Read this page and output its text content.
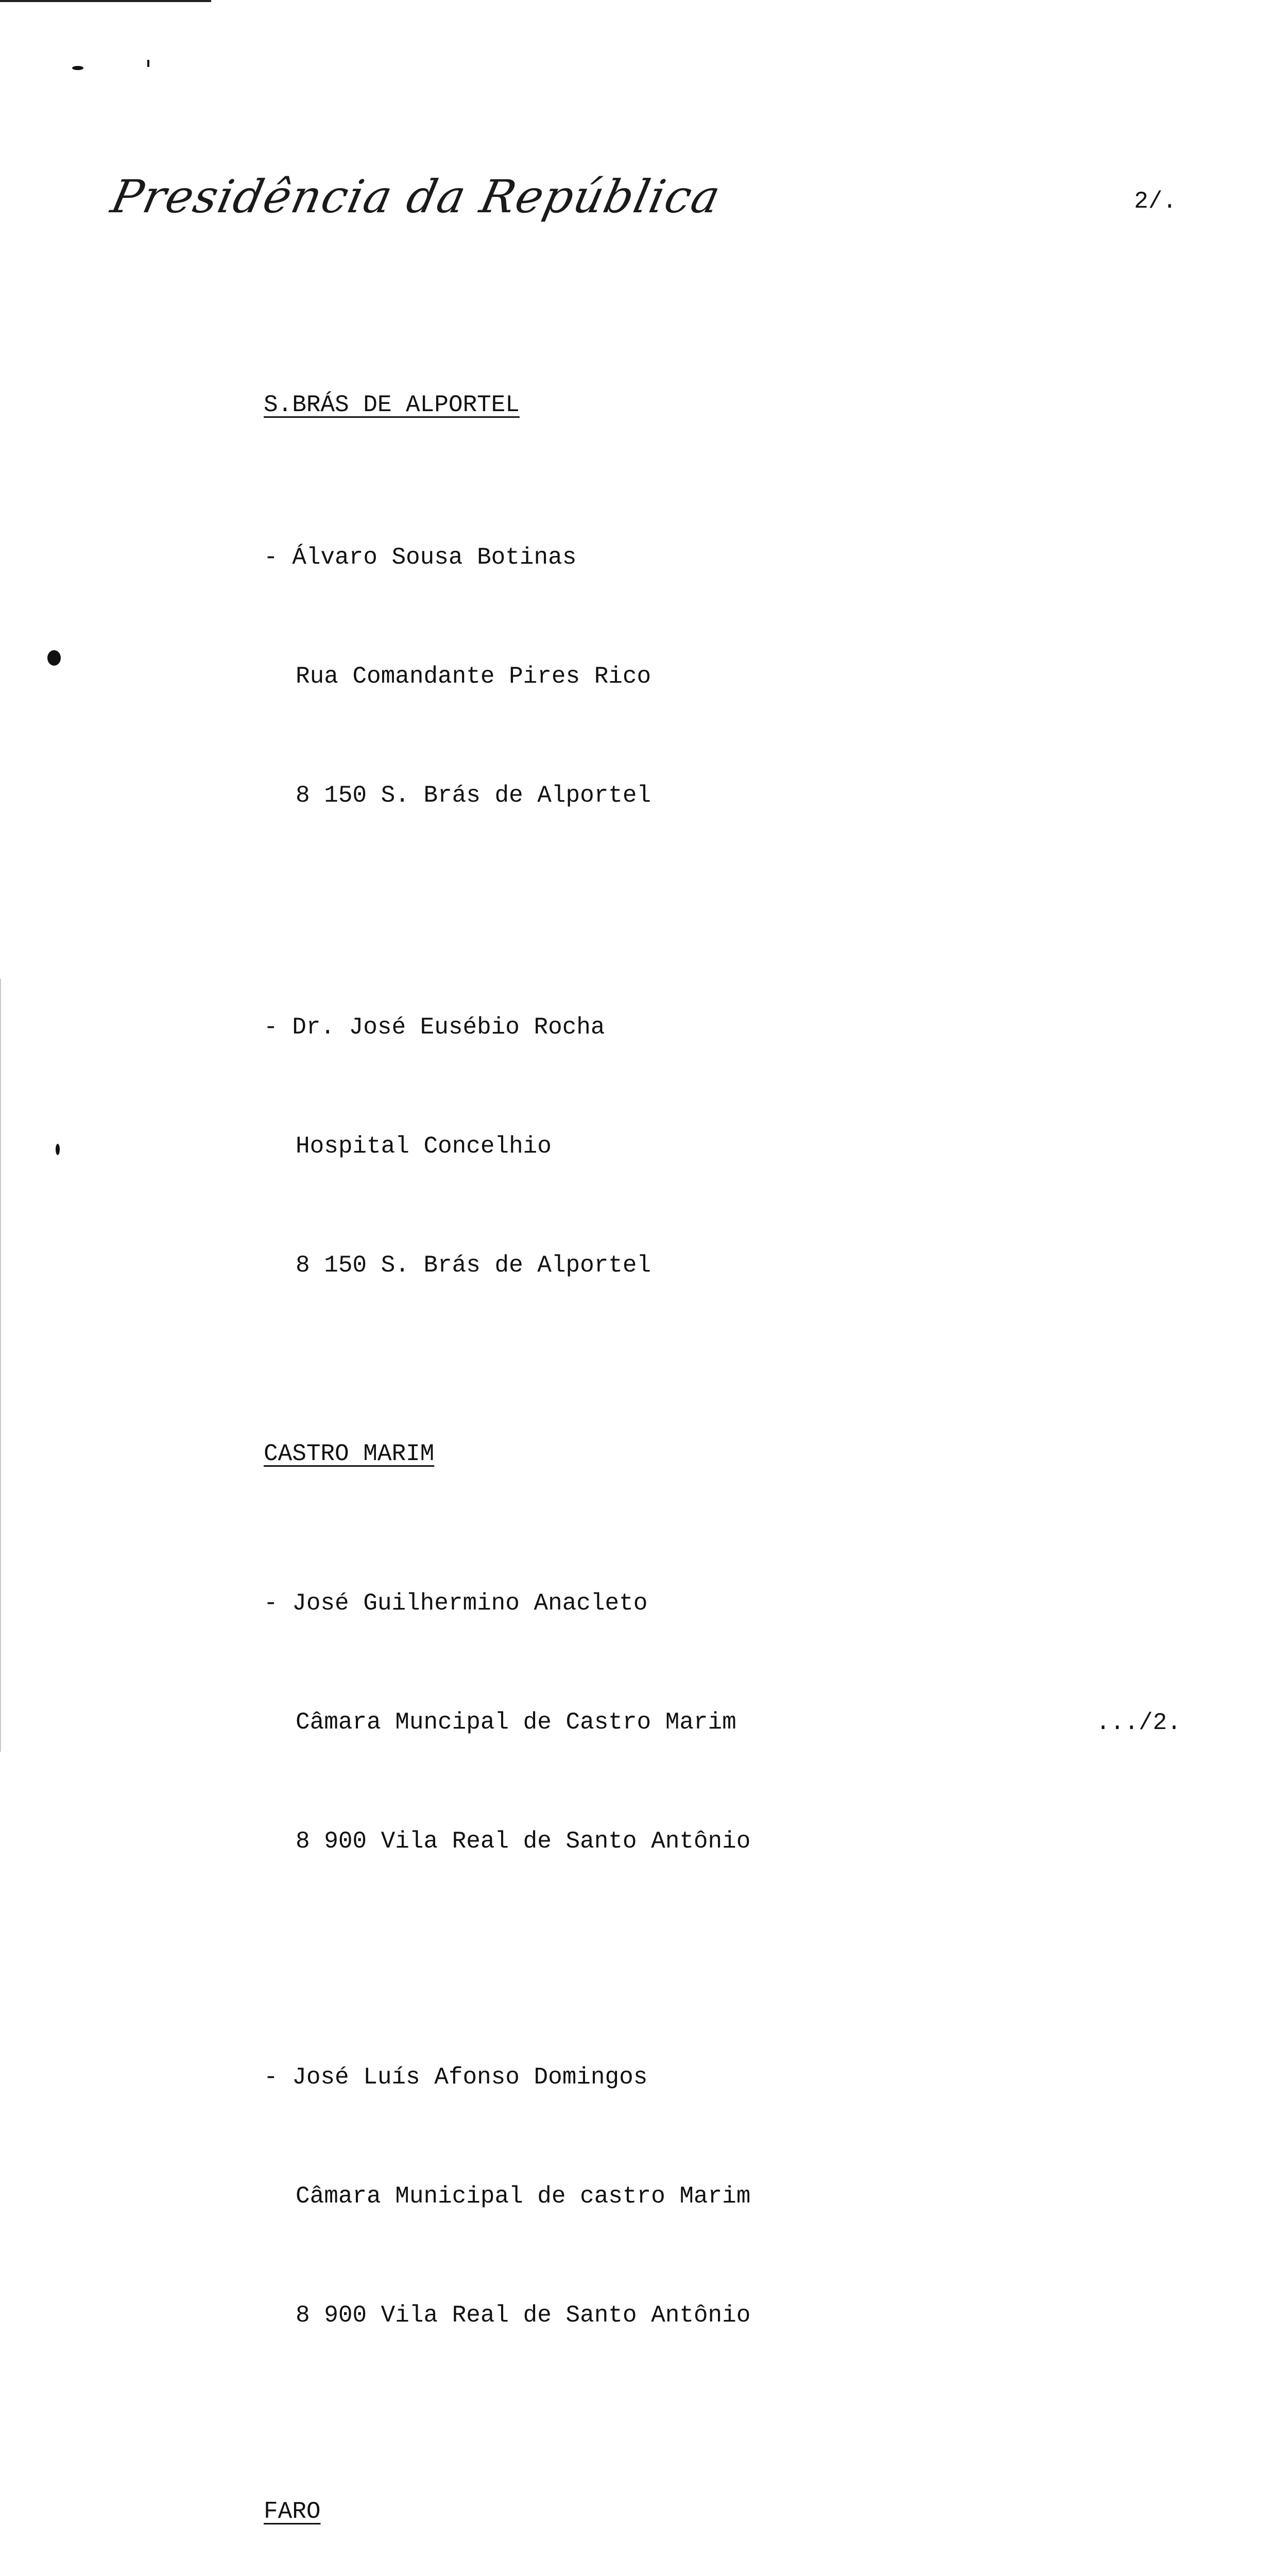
Presidência da República	2/.
S.BRÁS DE ALPORTEL

- Álvaro Sousa Botinas

Rua Comandante Pires Rico

8 150 S. Brás de Alportel

- Dr. José Eusébio Rocha

Hospital Concelhio

8 150 S. Brás de Alportel

CASTRO MARIM

- José Guilhermino Anacleto

Câmara Muncipal de Castro Marim

8 900 Vila Real de Santo Antônio

- José Luís Afonso Domingos

Câmara Municipal de castro Marim

8 900 Vila Real de Santo Antônio

FARO

.../2.
